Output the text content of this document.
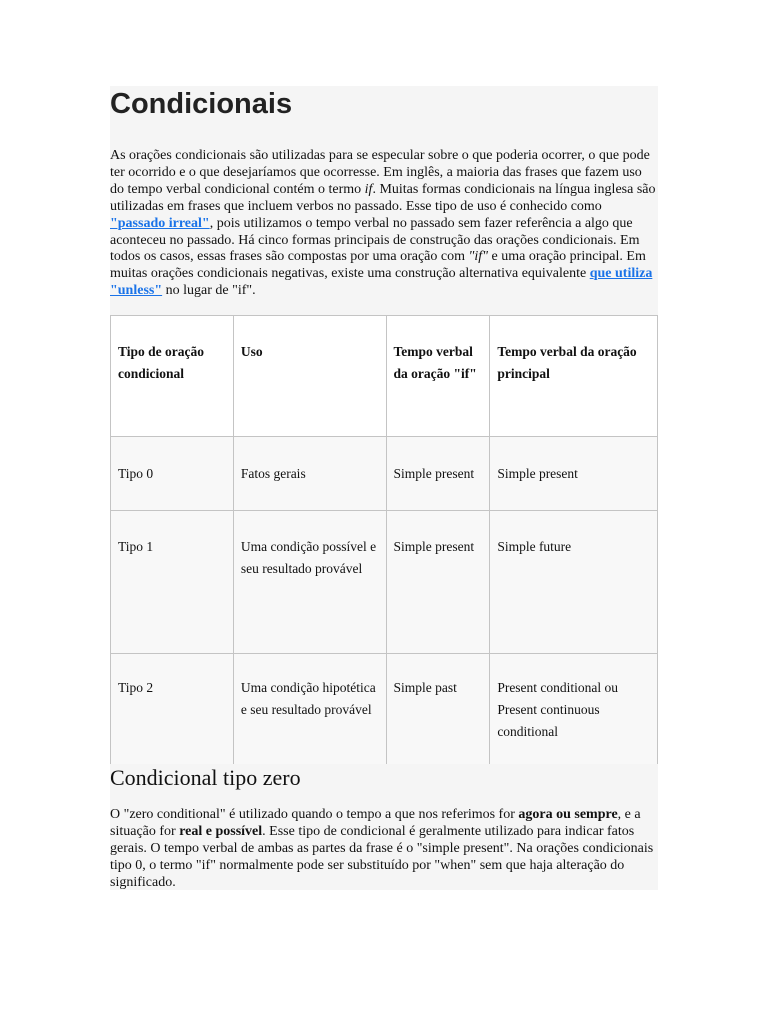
Condicionais
As orações condicionais são utilizadas para se especular sobre o que poderia ocorrer, o que pode ter ocorrido e o que desejaríamos que ocorresse. Em inglês, a maioria das frases que fazem uso do tempo verbal condicional contém o termo if. Muitas formas condicionais na língua inglesa são utilizadas em frases que incluem verbos no passado. Esse tipo de uso é conhecido como "passado irreal", pois utilizamos o tempo verbal no passado sem fazer referência a algo que aconteceu no passado. Há cinco formas principais de construção das orações condicionais. Em todos os casos, essas frases são compostas por uma oração com "if" e uma oração principal. Em muitas orações condicionais negativas, existe uma construção alternativa equivalente que utiliza "unless" no lugar de "if".
Tipo de oração condicional	Uso	Tempo verbal da oração "if"	Tempo verbal da oração principal
Tipo 0	Fatos gerais	Simple present	Simple present
Tipo 1	Uma condição possível e seu resultado provável	Simple present	Simple future
Tipo 2	Uma condição hipotética e seu resultado provável	Simple past	Present conditional ou Present continuous conditional
Condicional tipo zero
O "zero conditional" é utilizado quando o tempo a que nos referimos for agora ou sempre, e a situação for real e possível. Esse tipo de condicional é geralmente utilizado para indicar fatos gerais. O tempo verbal de ambas as partes da frase é o "simple present". Na orações condicionais tipo 0, o termo "if" normalmente pode ser substituído por "when" sem que haja alteração do significado.
